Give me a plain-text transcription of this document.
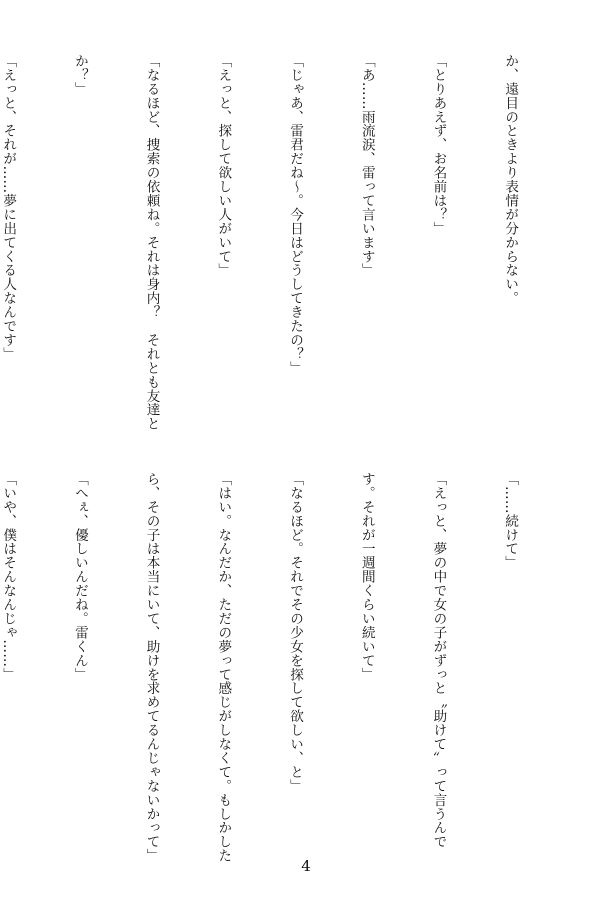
か、遠目のときより表情が分からない。

「とりあえず、お名前は？」

「あ……雨流涙、雷って言います」

「じゃあ、雷君だね～。今日はどうしてきたの？」

「えっと、探して欲しい人がいて」

「なるほど、捜索の依頼ね。それは身内？　それとも友達と

か？」

「えっと、それが……夢に出てくる人なんです」

「……続けて」

「えっと、夢の中で女の子がずっと〝助けて〟って言うんで

す。それが一週間くらい続いて」

「なるほど。それでその少女を探して欲しい、と」

「はい。なんだか、ただの夢って感じがしなくて。もしかした

ら、その子は本当にいて、助けを求めてるんじゃないかって」

「へぇ、優しいんだね。雷くん」

「いや、僕はそんなんじゃ……」

4
